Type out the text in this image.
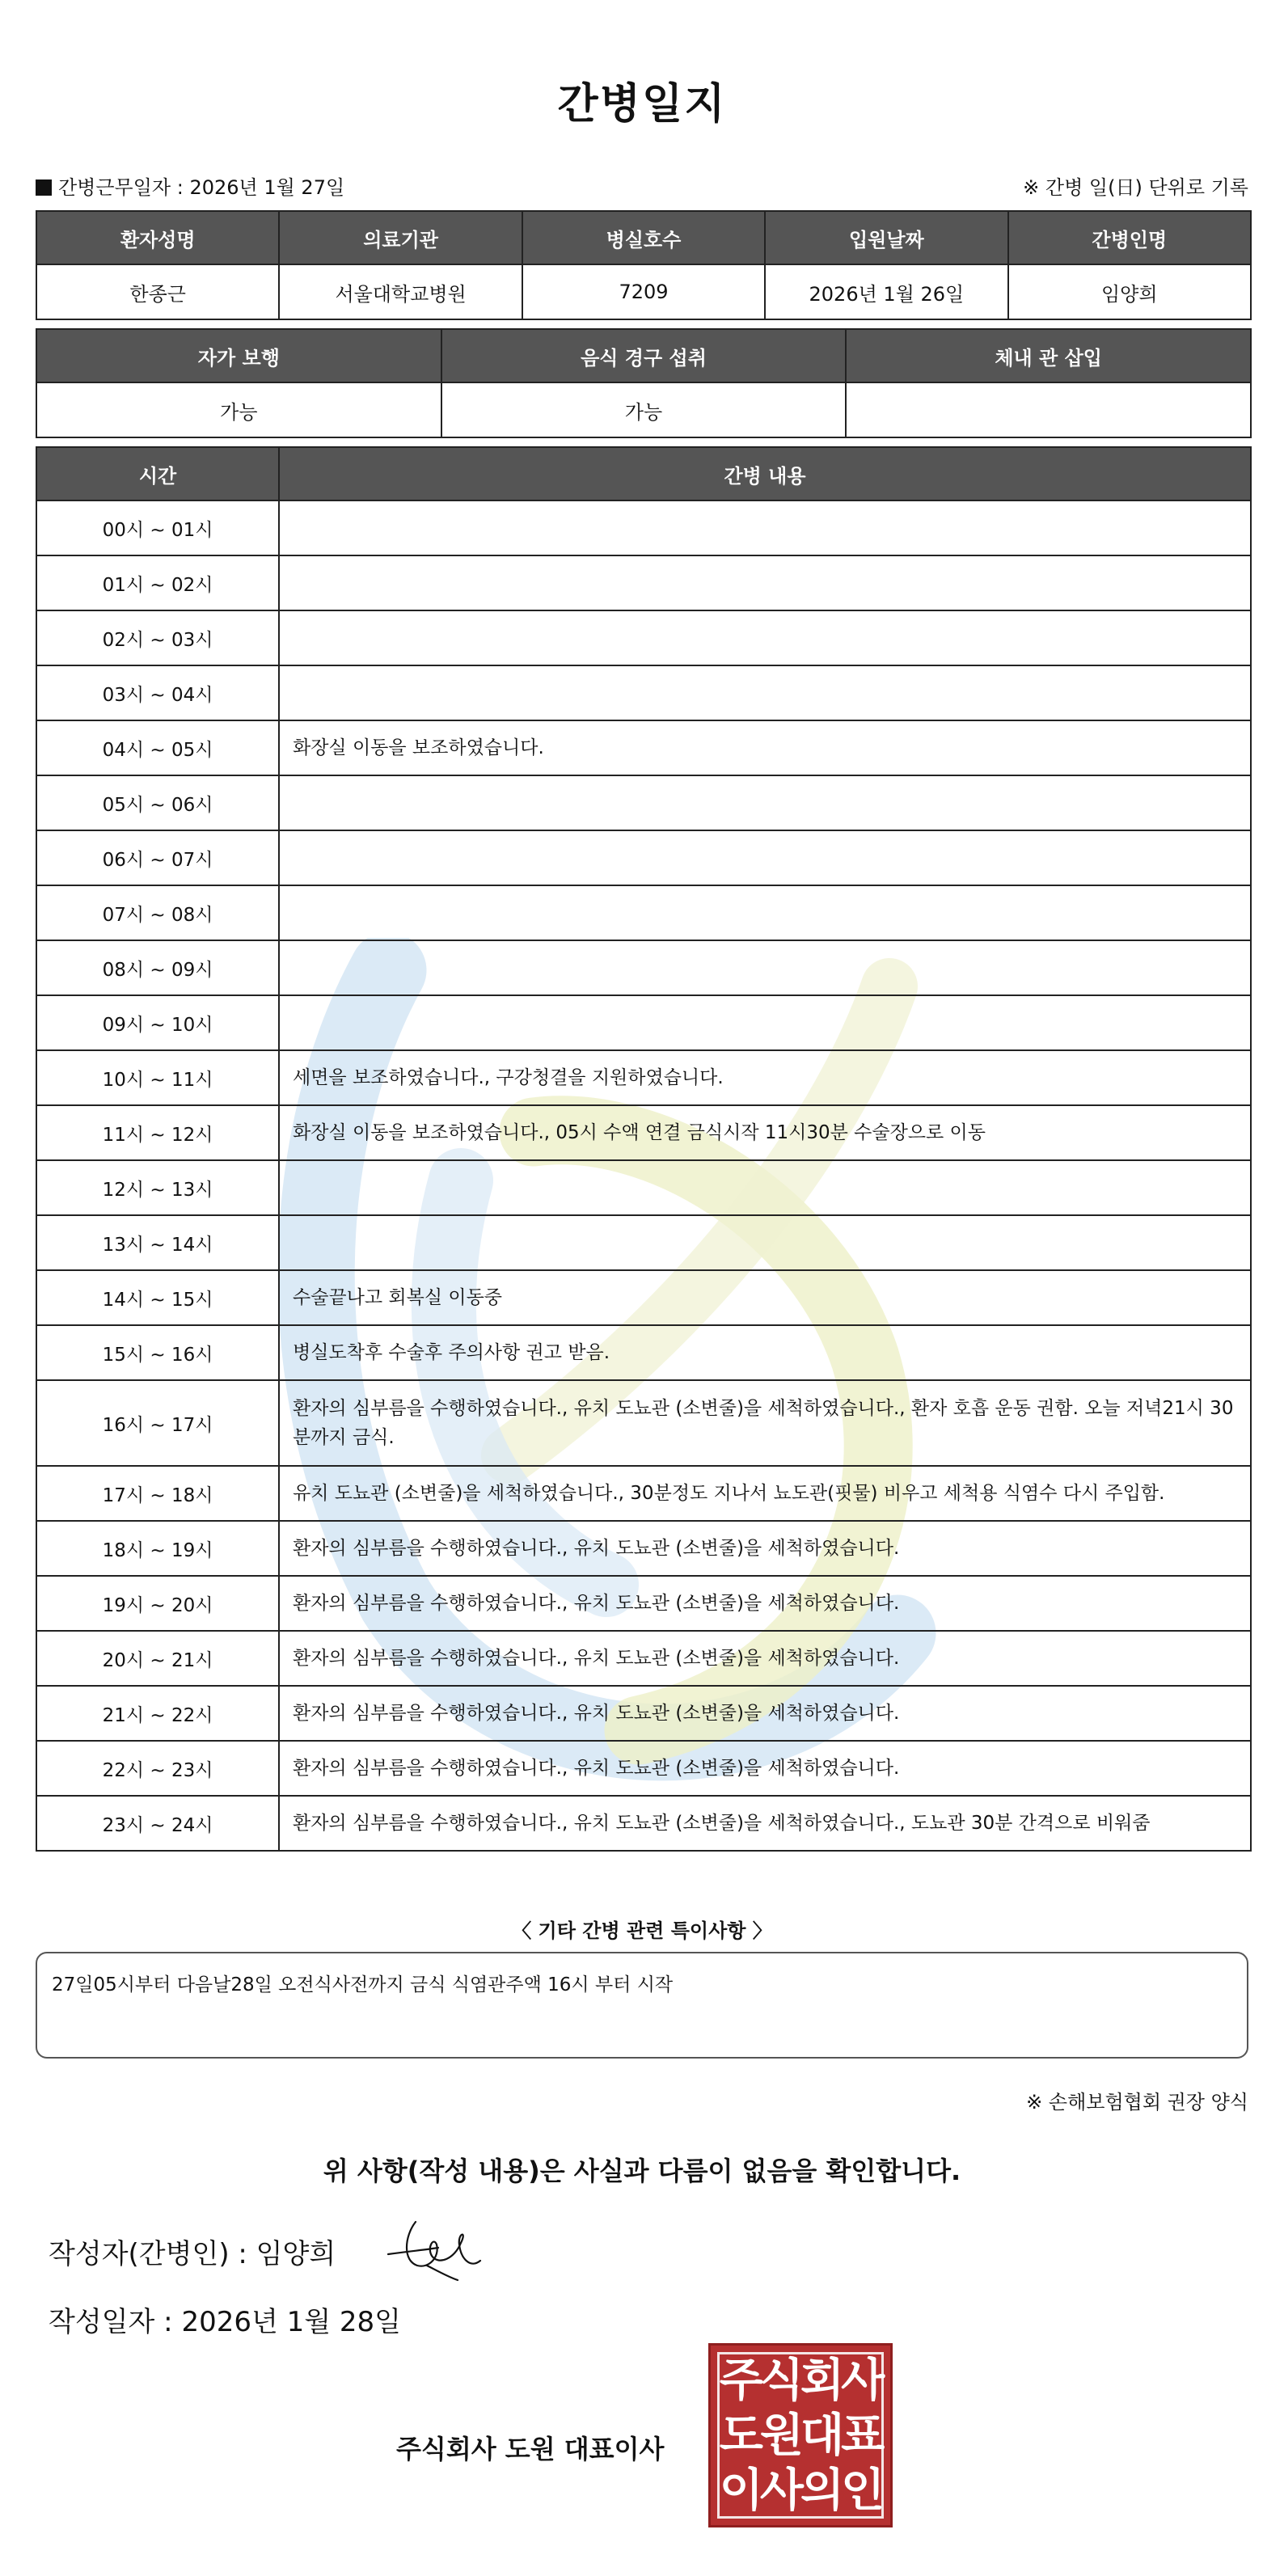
간병일지
간병근무일자 : 2026년 1월 27일	※ 간병 일(日) 단위로 기록
환자성명	의료기관	병실호수	입원날짜	간병인명
한종근	서울대학교병원	7209	2026년 1월 26일	임양희
자가 보행	음식 경구 섭취	체내 관 삽입
가능	가능	
시간	간병 내용
00시 ~ 01시	
01시 ~ 02시	
02시 ~ 03시	
03시 ~ 04시	
04시 ~ 05시	화장실 이동을 보조하였습니다.
05시 ~ 06시	
06시 ~ 07시	
07시 ~ 08시	
08시 ~ 09시	
09시 ~ 10시	
10시 ~ 11시	세면을 보조하였습니다., 구강청결을 지원하였습니다.
11시 ~ 12시	화장실 이동을 보조하였습니다., 05시 수액 연결 금식시작 11시30분 수술장으로 이동
12시 ~ 13시	
13시 ~ 14시	
14시 ~ 15시	수술끝나고 회복실 이동중
15시 ~ 16시	병실도착후 수술후 주의사항 권고 받음.
16시 ~ 17시	환자의 심부름을 수행하였습니다., 유치 도뇨관 (소변줄)을 세척하였습니다., 환자 호흡 운동 권함. 오늘 저녁21시 30분까지 금식.
17시 ~ 18시	유치 도뇨관 (소변줄)을 세척하였습니다., 30분정도 지나서 뇨도관(핏물) 비우고 세척용 식염수 다시 주입함.
18시 ~ 19시	환자의 심부름을 수행하였습니다., 유치 도뇨관 (소변줄)을 세척하였습니다.
19시 ~ 20시	환자의 심부름을 수행하였습니다., 유치 도뇨관 (소변줄)을 세척하였습니다.
20시 ~ 21시	환자의 심부름을 수행하였습니다., 유치 도뇨관 (소변줄)을 세척하였습니다.
21시 ~ 22시	환자의 심부름을 수행하였습니다., 유치 도뇨관 (소변줄)을 세척하였습니다.
22시 ~ 23시	환자의 심부름을 수행하였습니다., 유치 도뇨관 (소변줄)을 세척하였습니다.
23시 ~ 24시	환자의 심부름을 수행하였습니다., 유치 도뇨관 (소변줄)을 세척하였습니다., 도뇨관 30분 간격으로 비워줌
〈 기타 간병 관련 특이사항 〉
27일05시부터 다음날28일 오전식사전까지 금식 식염관주액 16시 부터 시작
※ 손해보험협회 권장 양식
위 사항(작성 내용)은 사실과 다름이 없음을 확인합니다.
작성자(간병인) : 임양희
작성일자 : 2026년 1월 28일
주식회사 도원 대표이사
주식회사
도원대표
이사의인
